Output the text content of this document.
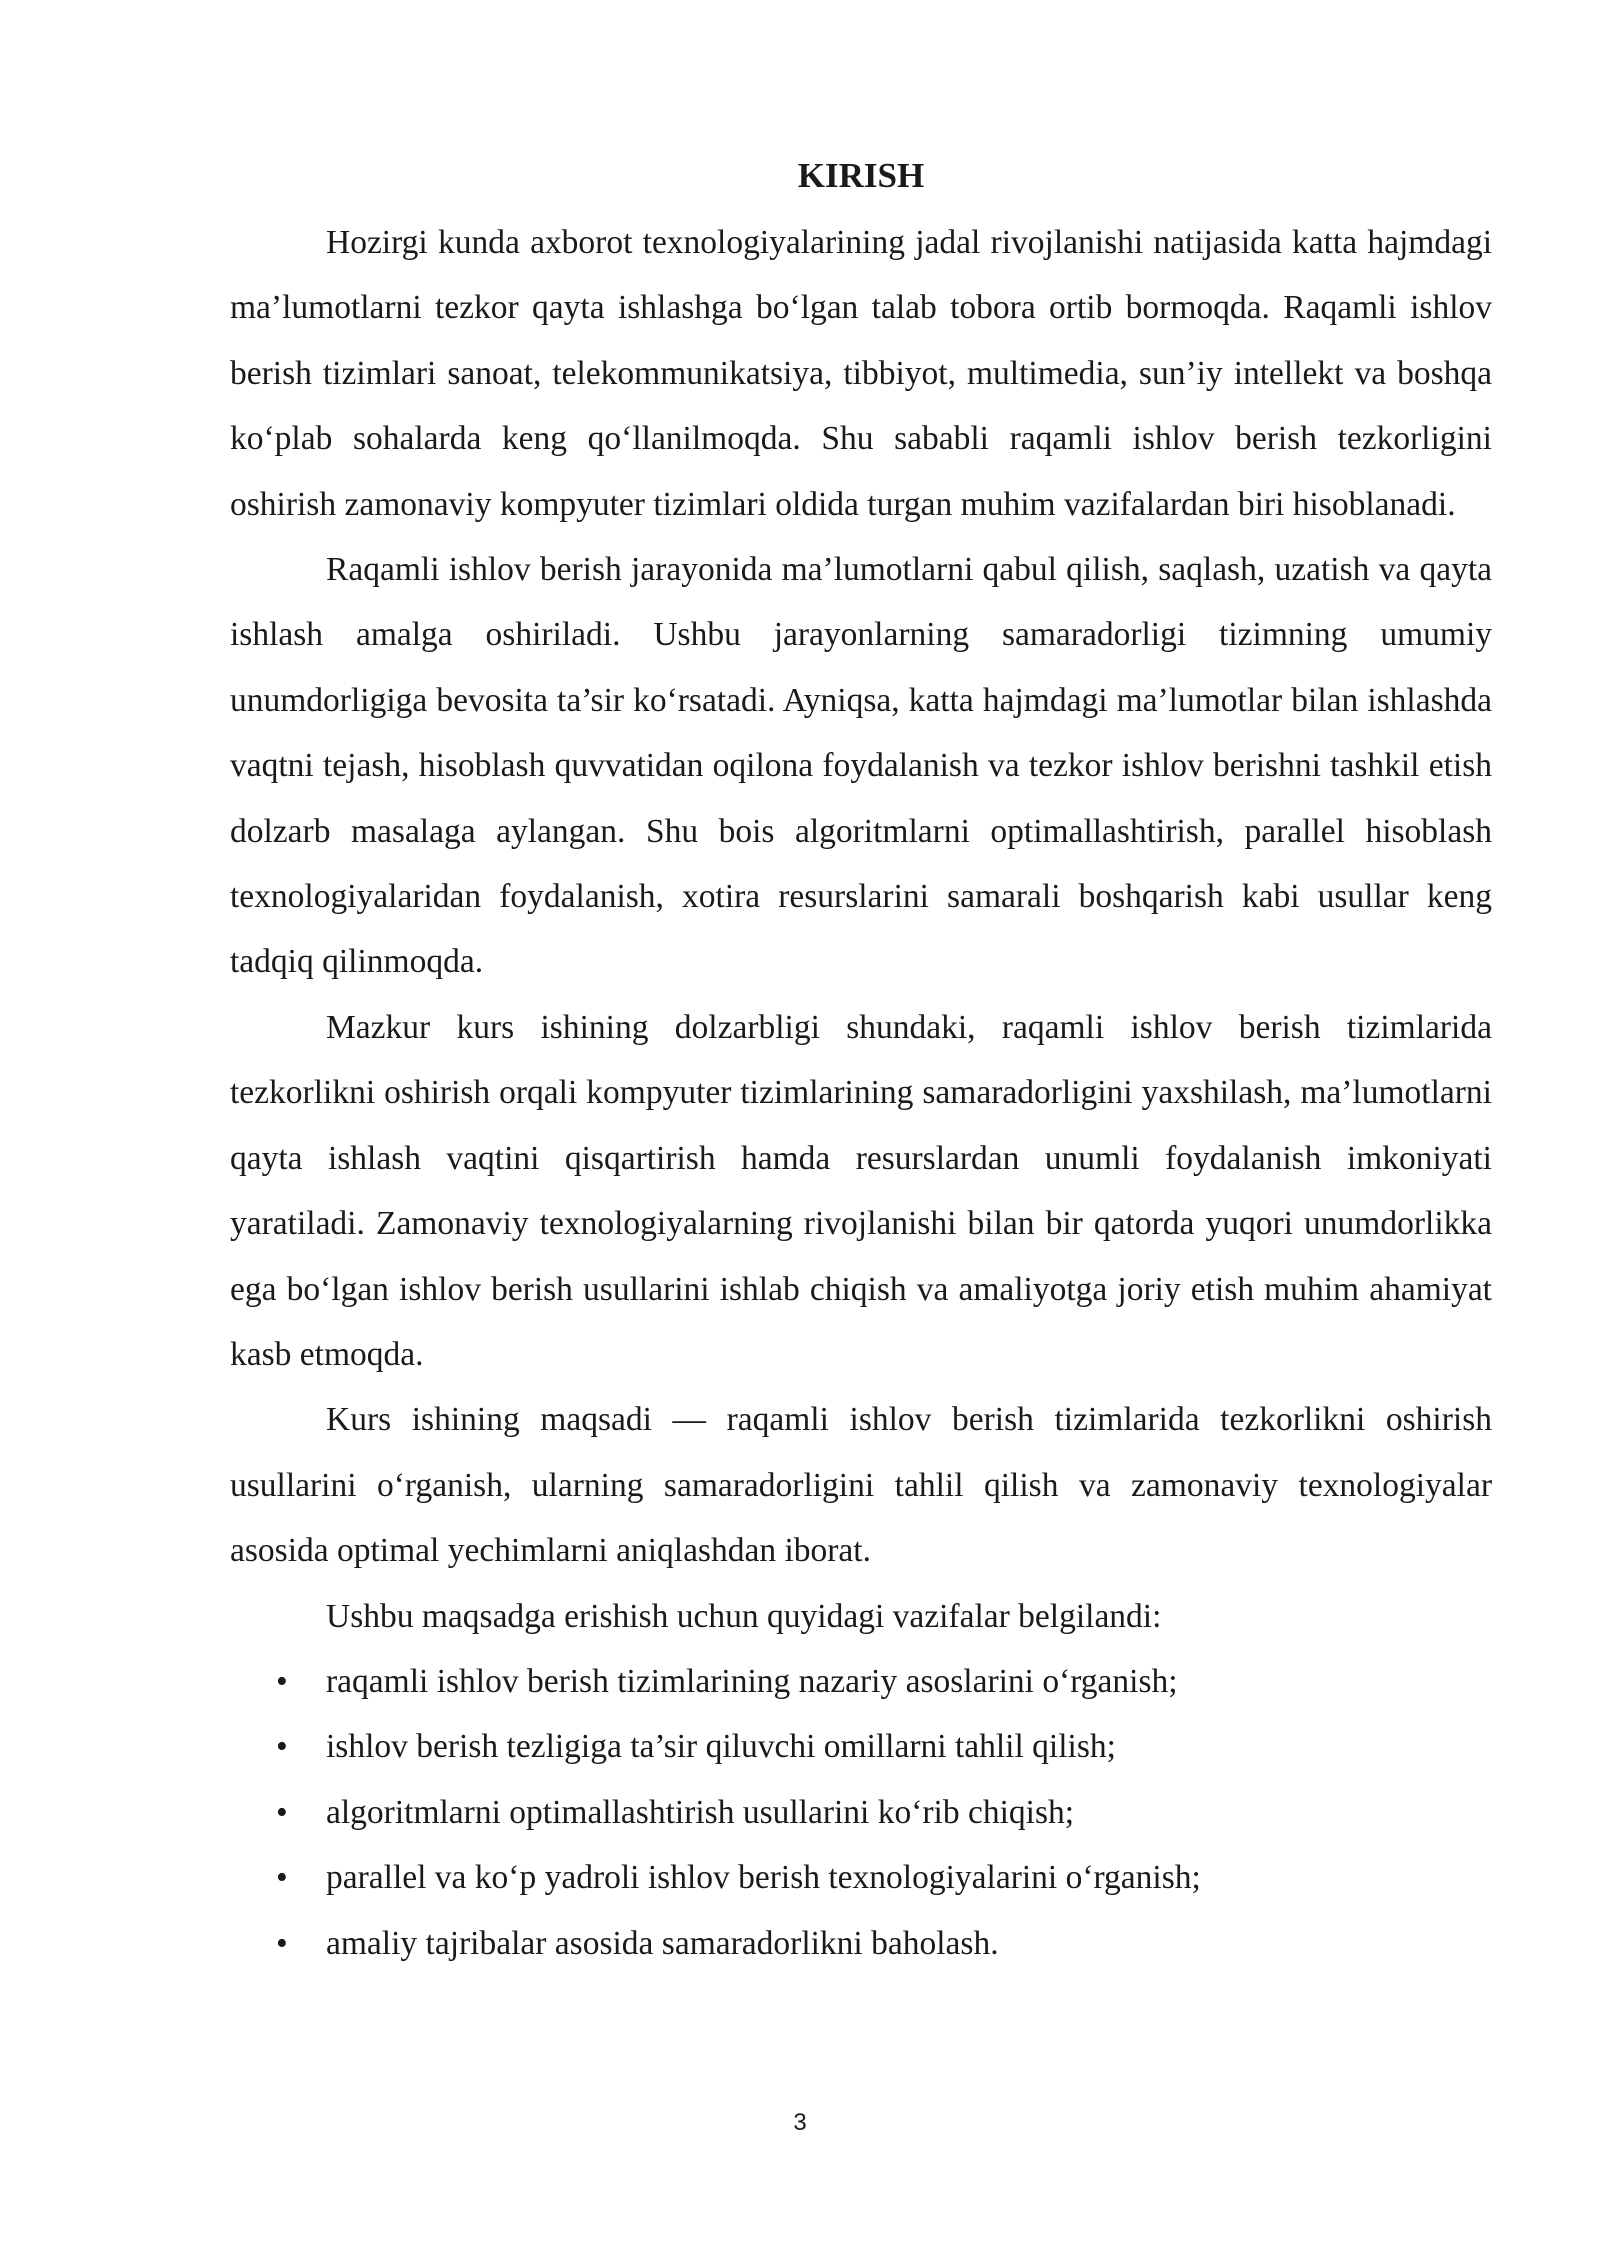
KIRISH

Hozirgi kunda axborot texnologiyalarining jadal rivojlanishi natijasida katta hajmdagi ma’lumotlarni tezkor qayta ishlashga bo‘lgan talab tobora ortib bormoqda. Raqamli ishlov berish tizimlari sanoat, telekommunikatsiya, tibbiyot, multimedia, sun’iy intellekt va boshqa ko‘plab sohalarda keng qo‘llanilmoqda. Shu sababli raqamli ishlov berish tezkorligini oshirish zamonaviy kompyuter tizimlari oldida turgan muhim vazifalardan biri hisoblanadi.

Raqamli ishlov berish jarayonida ma’lumotlarni qabul qilish, saqlash, uzatish va qayta ishlash amalga oshiriladi. Ushbu jarayonlarning samaradorligi tizimning umumiy unumdorligiga bevosita ta’sir ko‘rsatadi. Ayniqsa, katta hajmdagi ma’lumotlar bilan ishlashda vaqtni tejash, hisoblash quvvatidan oqilona foydalanish va tezkor ishlov berishni tashkil etish dolzarb masalaga aylangan. Shu bois algoritmlarni optimallashtirish, parallel hisoblash texnologiyalaridan foydalanish, xotira resurslarini samarali boshqarish kabi usullar keng tadqiq qilinmoqda.

Mazkur kurs ishining dolzarbligi shundaki, raqamli ishlov berish tizimlarida tezkorlikni oshirish orqali kompyuter tizimlarining samaradorligini yaxshilash, ma’lumotlarni qayta ishlash vaqtini qisqartirish hamda resurslardan unumli foydalanish imkoniyati yaratiladi. Zamonaviy texnologiyalarning rivojlanishi bilan bir qatorda yuqori unumdorlikka ega bo‘lgan ishlov berish usullarini ishlab chiqish va amaliyotga joriy etish muhim ahamiyat kasb etmoqda.

Kurs ishining maqsadi — raqamli ishlov berish tizimlarida tezkorlikni oshirish usullarini o‘rganish, ularning samaradorligini tahlil qilish va zamonaviy texnologiyalar asosida optimal yechimlarni aniqlashdan iborat.

Ushbu maqsadga erishish uchun quyidagi vazifalar belgilandi:

• raqamli ishlov berish tizimlarining nazariy asoslarini o‘rganish;
• ishlov berish tezligiga ta’sir qiluvchi omillarni tahlil qilish;
• algoritmlarni optimallashtirish usullarini ko‘rib chiqish;
• parallel va ko‘p yadroli ishlov berish texnologiyalarini o‘rganish;
• amaliy tajribalar asosida samaradorlikni baholash.
3
